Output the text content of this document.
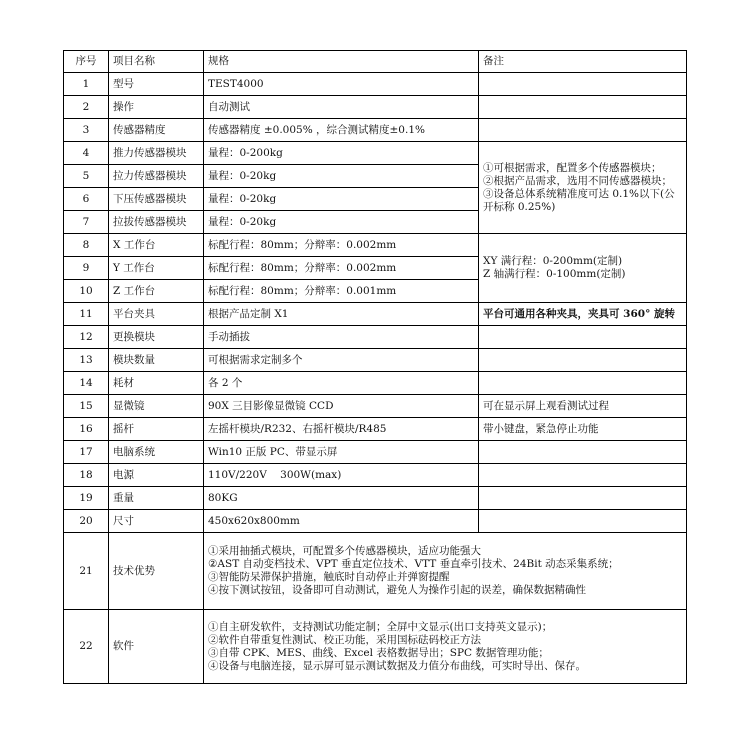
序号	项目名称	规格	备注
1	型号	TEST4000	
2	操作	自动测试	
3	传感器精度	传感器精度 ±0.005% ，综合测试精度±0.1%	
4	推力传感器模块	量程：0-200kg	①可根据需求，配置多个传感器模块；
②根据产品需求，选用不同传感器模块；
③设备总体系统精准度可达 0.1%以下(公
开标称 0.25%)

5	拉力传感器模块	量程：0-20kg	
6	下压传感器模块	量程：0-20kg	
7	拉拔传感器模块	量程：0-20kg	
8	X 工作台	标配行程：80mm；分辩率：0.002mm	XY 满行程：0-200mm(定制)
Z 轴满行程：0-100mm(定制)

9	Y 工作台	标配行程：80mm；分辩率：0.002mm	
10	Z 工作台	标配行程：80mm；分辩率：0.001mm	
11	平台夹具	根据产品定制 X1	平台可通用各种夹具，夹具可 360° 旋转
12	更换模块	手动插拔	
13	模块数量	可根据需求定制多个	
14	耗材	各 2 个	
15	显微镜	90X 三目影像显微镜 CCD	可在显示屏上观看测试过程
16	摇杆	左摇杆模块/R232、右摇杆模块/R485	带小键盘，紧急停止功能
17	电脑系统	Win10 正版 PC、带显示屏	
18	电源	110V/220V    300W(max)	
19	重量	80KG	
20	尺寸	450x620x800mm	
21	技术优势	①采用抽插式模块，可配置多个传感器模块，适应功能强大
②AST 自动变档技术、VPT 垂直定位技术、VTT 垂直牵引技术、24Bit 动态采集系统；
③智能防呆滞保护措施，触底时自动停止并弹窗提醒
④按下测试按钮，设备即可自动测试，避免人为操作引起的误差，确保数据精确性	

22	软件	①自主研发软件，支持测试功能定制；全屏中文显示(出口支持英文显示)；
②软件自带重复性测试、校正功能，采用国标砝码校正方法
③自带 CPK、MES、曲线、Excel 表格数据导出；SPC 数据管理功能；
④设备与电脑连接，显示屏可显示测试数据及力值分布曲线，可实时导出、保存。	
